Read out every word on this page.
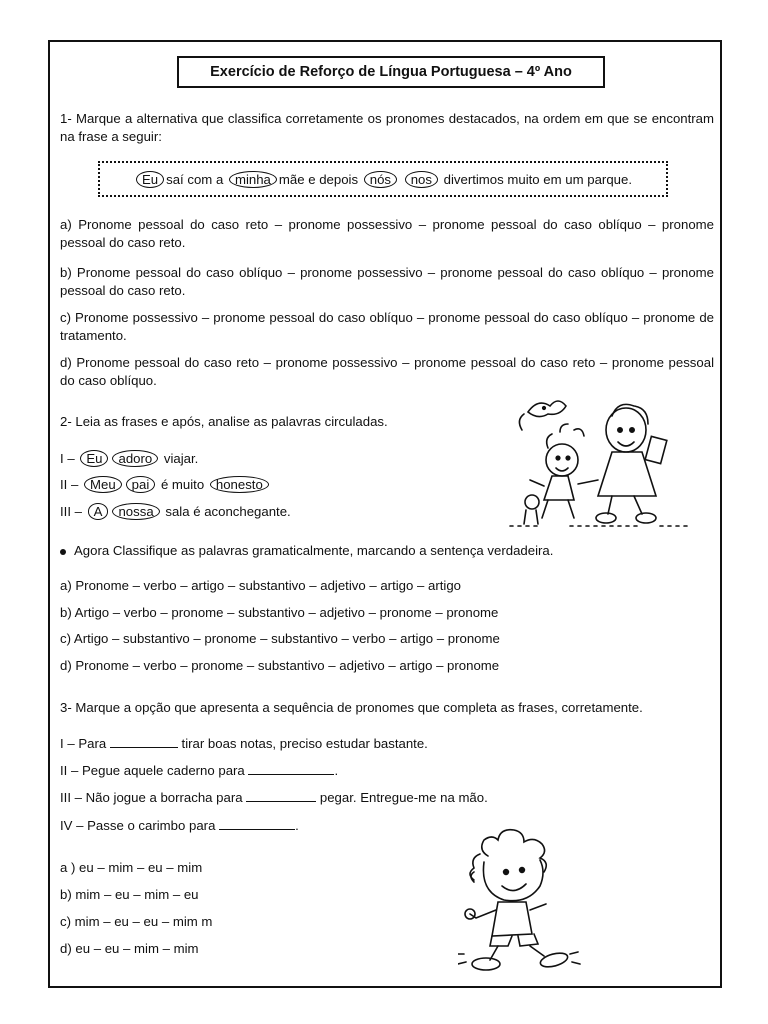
Exercício de Reforço de Língua Portuguesa – 4º Ano
1- Marque a alternativa que classifica corretamente os pronomes destacados, na ordem em que se encontram na frase a seguir:
Eu saí com a
minha mãe e depois
nós
	nos
divertimos muito em um parque.
a) Pronome pessoal do caso reto – pronome possessivo – pronome pessoal do caso oblíquo – pronome pessoal do caso reto.
b) Pronome pessoal do caso oblíquo – pronome possessivo – pronome pessoal do caso oblíquo – pronome pessoal do caso reto.
c) Pronome possessivo – pronome pessoal do caso oblíquo – pronome pessoal do caso oblíquo – pronome de tratamento.
d) Pronome pessoal do caso reto – pronome possessivo – pronome pessoal do caso reto – pronome pessoal do caso oblíquo.
2- Leia as frases e após, analise as palavras circuladas.
I – Eu adoro viajar.
II – Meu pai é muito honesto
III – A nossa sala é aconchegante.
Agora Classifique as palavras gramaticalmente, marcando a sentença verdadeira.
a) Pronome – verbo – artigo – substantivo – adjetivo – artigo – artigo
b) Artigo – verbo – pronome – substantivo – adjetivo – pronome – pronome
c) Artigo – substantivo – pronome – substantivo – verbo – artigo – pronome
d) Pronome – verbo – pronome – substantivo – adjetivo – artigo – pronome
3- Marque a opção que apresenta a sequência de pronomes que completa as frases, corretamente.
I – Para	tirar boas notas, preciso estudar bastante.
II – Pegue aquele caderno para	.
III – Não jogue a borracha para	pegar. Entregue-me na mão.
IV – Passe o carimbo para	.
a ) eu – mim – eu – mim
b) mim – eu – mim – eu
c) mim – eu – eu – mim m
d) eu – eu – mim – mim
